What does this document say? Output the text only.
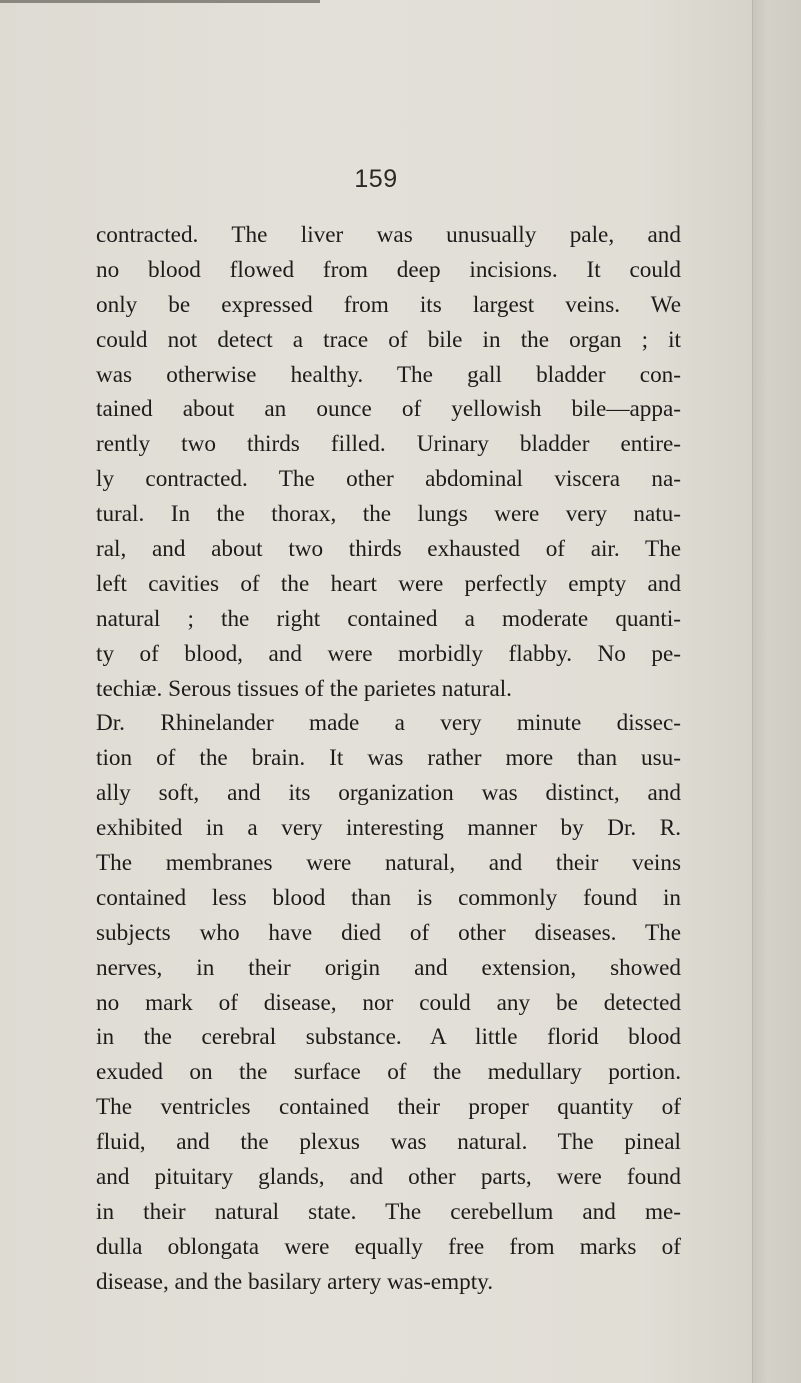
159
contracted. The liver was unusually pale, and
no blood flowed from deep incisions. It could
only be expressed from its largest veins. We
could not detect a trace of bile in the organ ; it
was otherwise healthy. The gall bladder con-
tained about an ounce of yellowish bile—appa-
rently two thirds filled. Urinary bladder entire-
ly contracted. The other abdominal viscera na-
tural. In the thorax, the lungs were very natu-
ral, and about two thirds exhausted of air. The
left cavities of the heart were perfectly empty and
natural ; the right contained a moderate quanti-
ty of blood, and were morbidly flabby. No pe-
techiæ. Serous tissues of the parietes natural.
Dr. Rhinelander made a very minute dissec-
tion of the brain. It was rather more than usu-
ally soft, and its organization was distinct, and
exhibited in a very interesting manner by Dr. R.
The membranes were natural, and their veins
contained less blood than is commonly found in
subjects who have died of other diseases. The
nerves, in their origin and extension, showed
no mark of disease, nor could any be detected
in the cerebral substance. A little florid blood
exuded on the surface of the medullary portion.
The ventricles contained their proper quantity of
fluid, and the plexus was natural. The pineal
and pituitary glands, and other parts, were found
in their natural state. The cerebellum and me-
dulla oblongata were equally free from marks of
disease, and the basilary artery was-empty.
